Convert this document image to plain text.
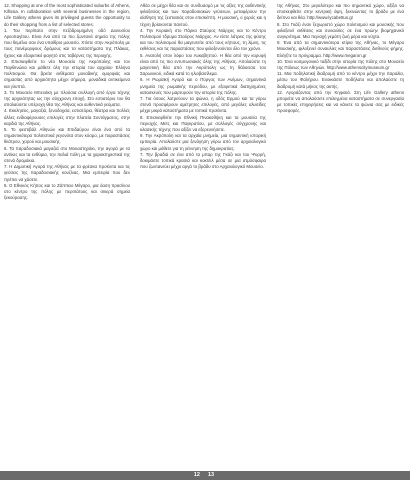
12. Shopping at one of the most sophisticated suburbs of Athens, Kifissia. In collaboration with several businesses in the region, Life Gallery athens gives its privileged guests the opportunity to do their shopping from a list of selected stores.

1. Του περίπατο στην πεζόδρομημένη οδό Διονυσίου Αρεοπαγίτου. Είναι ένα από τα πιο ζωντανά σημεία της πόλης που θεμέλιο σαν ένα υπαίθριο μουσείο. Χτίστε στην Ακρόπολη με τους πανέμορφους δρόμους και τα καταστήματα της Πλάκας, ήχους και εξαιρετικό φαγητό στις ταβέρνες της περιοχής.

2. Επισκεφθείτε το νέο Μουσείο της Ακρόπολης και τον Παρθενώνα και μάθετε όλη την ιστορία του αρχαίου Έλληνα πολιτισμού. Θα βρείτε εκθέματα μοναδικής ομορφιάς και σημασίας από αρχαιότητα μέχρι σήμερα, μοναδικά αντικείμενα και γλυπτά.

3. Το Μουσείο Μπενάκη με πλούσια συλλογή από έργα τέχνης της αρχαιότητας ως την σύγχρονη εποχή. Στο εστιατόριο του θα απολαύσετε υπέροχη θέα της Αθήνας και αυθεντικά γεύματα.

4. Εκκλησίες, μαγαζιά, ξενοδοχεία, εστιατόρια, θέατρα και πολλές άλλες ενδιαφέρουσες επιλογές στην πλατεία Συντάγματος, στην καρδιά της Αθήνας.

5. Το φεστιβάλ Αθηνών και Επιδαύρου είναι ένα από τα σημαντικότερα πολιτιστικά γεγονότα στον κόσμο, με παραστάσεις θεάτρου, χορού και μουσικής.

6. Τα παραδοσιακά μαγαζιά στο Μοναστηράκι, την αγορά με τα αντίκες και τα ενθύμια, την παλιά πόλη με τα χαρακτηριστικά της στενά δρομάκια.

7. Η Δημοτική Αγορά της Αθήνας με τα φρέσκα προϊόντα και τις γεύσεις της παραδοσιακής κουζίνας. Μια εμπειρία που δεν πρέπει να χάσετε.

8. Ο Εθνικός Κήπος και το Ζάππειο Μέγαρο, μια όαση πρασίνου στο κέντρο της πόλης με περιπάτους και σκιερά σημεία ξεκούρασης.

Αθέα σε μέχρι θέα και σε συνδυασμό με τις αξίες της αυθεντικής φιλοξενίας και των παραδοσιακών γεύσεων, μεταφέρουν την αίσθηση της ζεστασιάς στον επισκέπτη. Η μουσική, ο χορός και η τέχνη βρίσκονται παντού.

4. Την Κυριακή στο Πάρκο Σταύρος Νιάρχος και το Κέντρο Πολιτισμού Ίδρυμα Σταύρος Νιάρχος. Αν είστε λάτρεις της φύσης και του πολιτισμού θα μαγευτείτε από τους κήπους, τη λίμνη, τις εκθέσεις και τις παραστάσεις που φιλοξενούνται όλο τον χρόνο.

5. Ανατολή στον λόφο του Λυκαβηττού. Η θέα από την κορυφή είναι από τις πιο εντυπωσιακές όλης της Αθήνας. Απολαύστε τη μαγευτική θέα από την Ακρόπολη ως τη θάλασσα του Σαρωνικού, ειδικά κατά το ηλιοβασίλεμα.

6. Η Ρωμαϊκή Αγορά και ο Πύργος των Ανέμων, σημαντικά μνημεία της ρωμαϊκής περιόδου, με εξαιρετικά διατηρημένες κατασκευές που μαρτυρούν την ιστορία της πόλης.

7. Για όσους λατρεύουν τα ψώνια, η οδός Ερμού και τα γύρω στενά προσφέρουν αμέτρητες επιλογές, από μεγάλες αλυσίδες μέχρι μικρά καταστήματα με τοπικά προϊόντα.

8. Επισκεφθείτε την Εθνική Πινακοθήκη και τα μουσεία της περιοχής Μετς και Παγκρατίου, με συλλογές σύγχρονης και κλασικής τέχνης που αξίζει να εξερευνήσετε.

9. Την Ακρόπολη και τα αρχαία μνημεία, μια σημαντική ιστορική εμπειρία. Απολαύστε μια ξενάγηση γύρω από τον αρχαιολογικό χώρο και μάθετε για τη γέννηση της δημοκρατίας.

7. Την βραδιά σε ένα από τα μπαρ της Γκάζι και του Ψυρρή, δοκιμάστε τοπικά κρασιά και κοκτέιλ μέσα σε μια ατμόσφαιρα που ζωντανεύει μέχρι αργά το βράδυ στο Αρχαιολογικό Μουσείο.

της Αθήνας. Στο μεγαλύτερο και πιο σημαντικό χώρο, αξίζει να επισκεφθείτε στην κεντρική όψη, ξεκινώντας το βράδυ με ένα δείπνο και θέα. http://www.lycabettus.gr

8. Στο Γκάζι έναν ξεχωριστό χώρο πολιτισμού και μουσικής που φιλοξενεί εκθέσεις και συναυλίες σε ένα πρώην βιομηχανικό συγκρότημα. Μια περιοχή γεμάτη ζωή μέρα και νύχτα.

9. Ένα από τα σημαντικότερα κτίρια της Αθήνας, το Μέγαρο Μουσικής, φιλοξενεί συναυλίες και παραστάσεις διεθνούς φήμης. Ελέγξτε το πρόγραμμα. http://www.megaron.gr

10. Ένα κοσμογονικό ταξίδι στην ιστορία της πόλης στο Μουσείο της Πόλεως των Αθηνών. http://www.athenscitymuseum.gr

11. Μια ποδηλατική διαδρομή από το κέντρο μέχρι την παραλία, μέσω του Φαλήρου. Ενοικιάστε ποδήλατο και απολαύστε τη διαδρομή κατά μήκος της ακτής.

12. Αγοράζοντας από την Κηφισιά. Στη Life Gallery athens μπορείτε να απολαύσετε επιλεγμένα καταστήματα σε συνεργασία με τοπικές επιχειρήσεις και να κάνετε τα ψώνια σας με ειδικές προσφορές.

12 13
